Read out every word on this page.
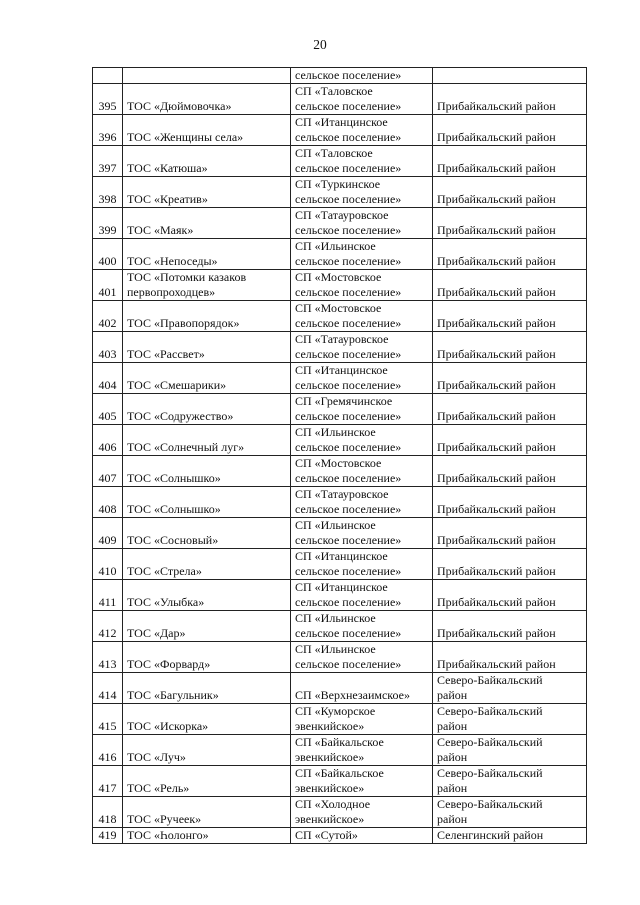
20
		сельское поселение»	

395	ТОС «Дюймовочка»	СП «Таловское
сельское поселение»	Прибайкальский район

396	ТОС «Женщины села»	СП «Итанцинское
сельское поселение»	Прибайкальский район

397	ТОС «Катюша»	СП «Таловское
сельское поселение»	Прибайкальский район

398	ТОС «Креатив»	СП «Туркинское
сельское поселение»	Прибайкальский район

399	ТОС «Маяк»	СП «Татауровское
сельское поселение»	Прибайкальский район

400	ТОС «Непоседы»	СП «Ильинское
сельское поселение»	Прибайкальский район

401	ТОС «Потомки казаков
первопроходцев»	СП «Мостовское
сельское поселение»	Прибайкальский район

402	ТОС «Правопорядок»	СП «Мостовское
сельское поселение»	Прибайкальский район

403	ТОС «Рассвет»	СП «Татауровское
сельское поселение»	Прибайкальский район

404	ТОС «Смешарики»	СП «Итанцинское
сельское поселение»	Прибайкальский район

405	ТОС «Содружество»	СП «Гремячинское
сельское поселение»	Прибайкальский район

406	ТОС «Солнечный луг»	СП «Ильинское
сельское поселение»	Прибайкальский район

407	ТОС «Солнышко»	СП «Мостовское
сельское поселение»	Прибайкальский район

408	ТОС «Солнышко»	СП «Татауровское
сельское поселение»	Прибайкальский район

409	ТОС «Сосновый»	СП «Ильинское
сельское поселение»	Прибайкальский район

410	ТОС «Стрела»	СП «Итанцинское
сельское поселение»	Прибайкальский район

411	ТОС «Улыбка»	СП «Итанцинское
сельское поселение»	Прибайкальский район

412	ТОС «Дар»	СП «Ильинское
сельское поселение»	Прибайкальский район

413	ТОС «Форвард»	СП «Ильинское
сельское поселение»	Прибайкальский район

414	ТОС «Багульник»	СП «Верхнезаимское»	Северо-Байкальский
район

415	ТОС «Искорка»	СП «Куморское
эвенкийское»	Северо-Байкальский
район

416	ТОС «Луч»	СП «Байкальское
эвенкийское»	Северо-Байкальский
район

417	ТОС «Рель»	СП «Байкальское
эвенкийское»	Северо-Байкальский
район

418	ТОС «Ручеек»	СП «Холодное
эвенкийское»	Северо-Байкальский
район

419	ТОС «Һолонго»	СП «Сутой»	Селенгинский район
